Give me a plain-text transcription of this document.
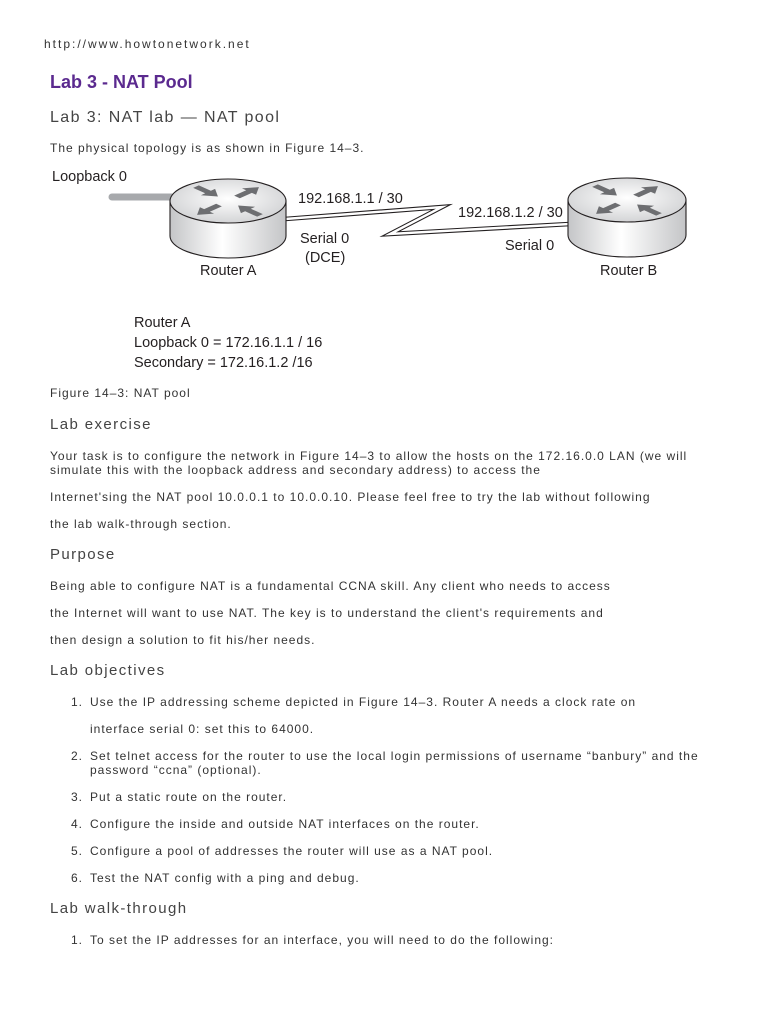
http://www.howtonetwork.net
Lab 3 - NAT Pool
Lab 3: NAT lab — NAT pool
The physical topology is as shown in Figure 14–3.
Loopback 0
192.168.1.1 / 30
192.168.1.2 / 30
Serial 0
(DCE)
Router A
Serial 0
Router B
Router A
Loopback 0 = 172.16.1.1 / 16
Secondary = 172.16.1.2 /16
Figure 14–3: NAT pool
Lab exercise
Your task is to configure the network in Figure 14–3 to allow the hosts on the 172.16.0.0 LAN (we will
simulate this with the loopback address and secondary address) to access the
Internet'sing the NAT pool 10.0.0.1 to 10.0.0.10. Please feel free to try the lab without following
the lab walk-through section.
Purpose
Being able to configure NAT is a fundamental CCNA skill. Any client who needs to access
the Internet will want to use NAT. The key is to understand the client's requirements and
then design a solution to fit his/her needs.
Lab objectives
1. Use the IP addressing scheme depicted in Figure 14–3. Router A needs a clock rate on
interface serial 0: set this to 64000.
2. Set telnet access for the router to use the local login permissions of username “banbury” and the
password “ccna” (optional).
3. Put a static route on the router.
4. Configure the inside and outside NAT interfaces on the router.
5. Configure a pool of addresses the router will use as a NAT pool.
6. Test the NAT config with a ping and debug.
Lab walk-through
1. To set the IP addresses for an interface, you will need to do the following:
